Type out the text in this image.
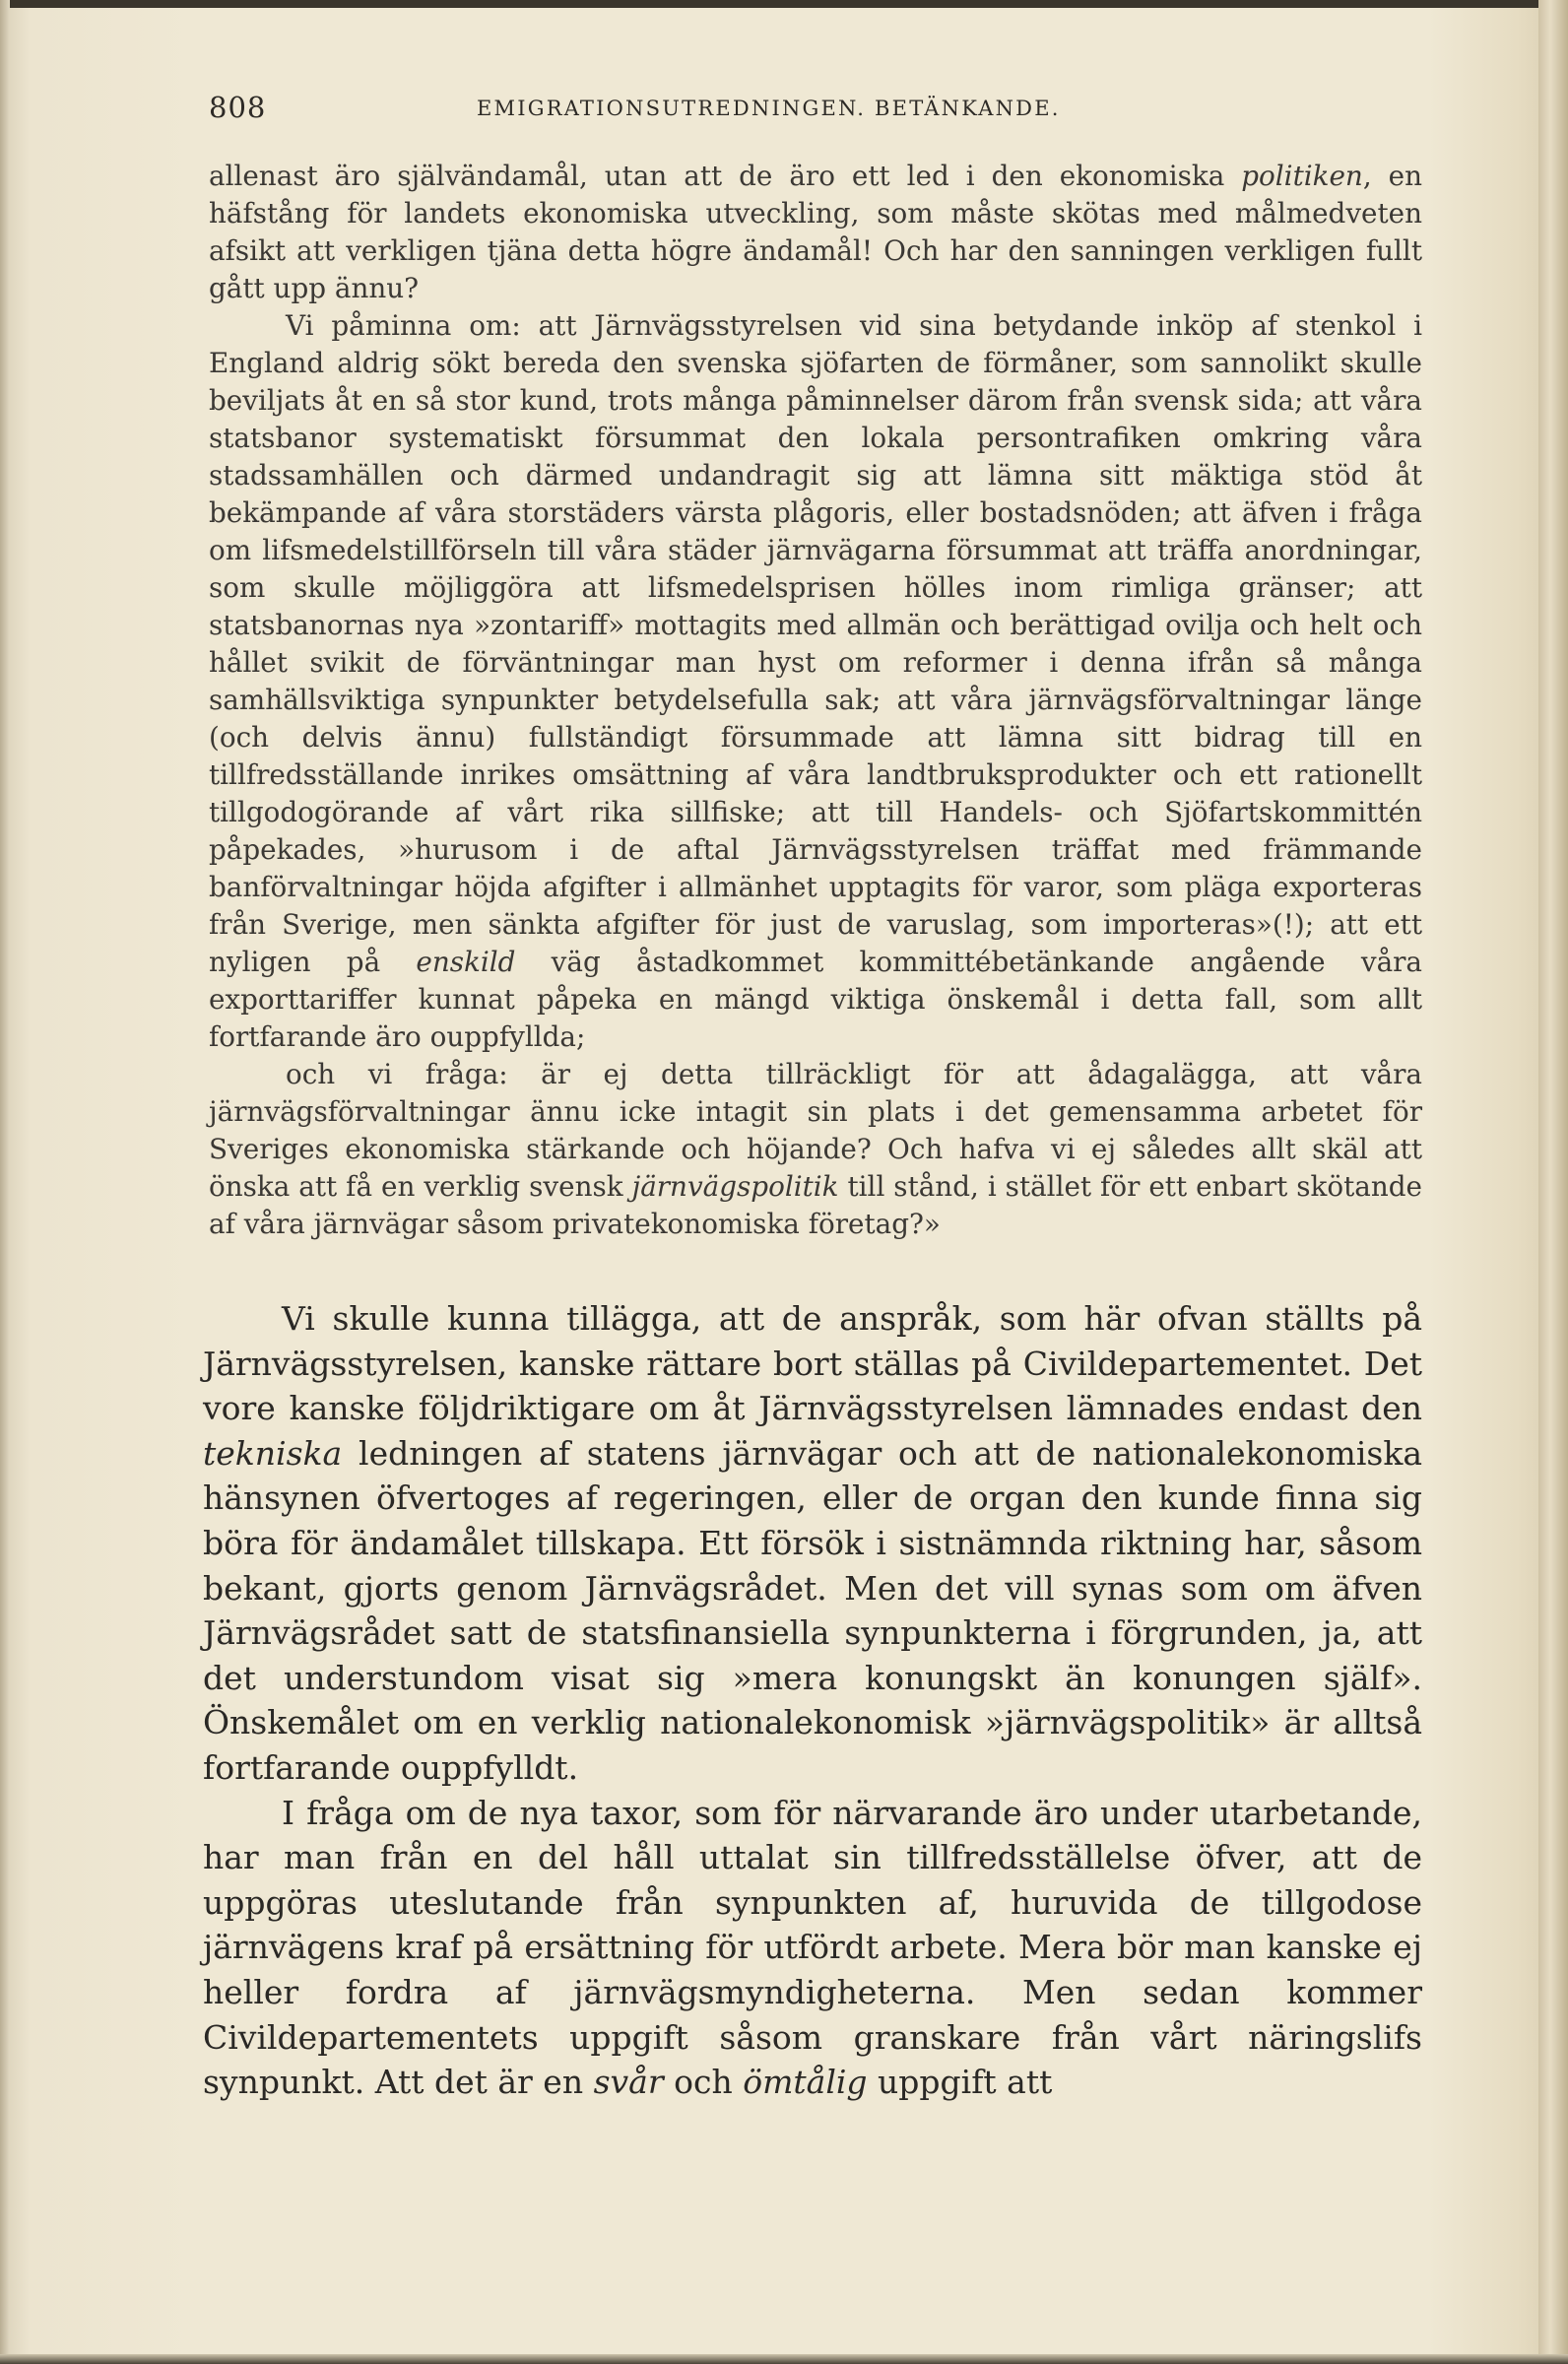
808	EMIGRATIONSUTREDNINGEN. BETÄNKANDE.

allenast äro självändamål, utan att de äro ett led i den ekonomiska politiken, en häfstång för landets ekonomiska utveckling, som måste skötas med målmedveten afsikt att verkligen tjäna detta högre ändamål! Och har den sanningen verkligen fullt gått upp ännu?

Vi påminna om: att Järnvägsstyrelsen vid sina betydande inköp af stenkol i England aldrig sökt bereda den svenska sjöfarten de förmåner, som sannolikt skulle beviljats åt en så stor kund, trots många påminnelser därom från svensk sida; att våra statsbanor systematiskt försummat den lokala persontrafiken omkring våra stadssamhällen och därmed undandragit sig att lämna sitt mäktiga stöd åt bekämpande af våra storstäders värsta plågoris, eller bostadsnöden; att äfven i fråga om lifsmedelstillförseln till våra städer järnvägarna försummat att träffa anordningar, som skulle möjliggöra att lifsmedelsprisen hölles inom rimliga gränser; att statsbanornas nya »zontariff» mottagits med allmän och berättigad ovilja och helt och hållet svikit de förväntningar man hyst om reformer i denna ifrån så många samhällsviktiga synpunkter betydelsefulla sak; att våra järnvägsförvaltningar länge (och delvis ännu) fullständigt försummade att lämna sitt bidrag till en tillfredsställande inrikes omsättning af våra landtbruksprodukter och ett rationellt tillgodogörande af vårt rika sillfiske; att till Handels- och Sjöfartskommittén påpekades, »hurusom i de aftal Järnvägsstyrelsen träffat med främmande banförvaltningar höjda afgifter i allmänhet upptagits för varor, som pläga exporteras från Sverige, men sänkta afgifter för just de varuslag, som importeras»(!); att ett nyligen på enskild väg åstadkommet kommittébetänkande angående våra exporttariffer kunnat påpeka en mängd viktiga önskemål i detta fall, som allt fortfarande äro ouppfyllda;

och vi fråga: är ej detta tillräckligt för att ådagalägga, att våra järnvägsförvaltningar ännu icke intagit sin plats i det gemensamma arbetet för Sveriges ekonomiska stärkande och höjande? Och hafva vi ej således allt skäl att önska att få en verklig svensk järnvägspolitik till stånd, i stället för ett enbart skötande af våra järnvägar såsom privatekonomiska företag?»

Vi skulle kunna tillägga, att de anspråk, som här ofvan ställts på Järnvägsstyrelsen, kanske rättare bort ställas på Civildepartementet. Det vore kanske följdriktigare om åt Järnvägsstyrelsen lämnades endast den tekniska ledningen af statens järnvägar och att de nationalekonomiska hänsynen öfvertoges af regeringen, eller de organ den kunde finna sig böra för ändamålet tillskapa. Ett försök i sistnämnda riktning har, såsom bekant, gjorts genom Järnvägsrådet. Men det vill synas som om äfven Järnvägsrådet satt de statsfinansiella synpunkterna i förgrunden, ja, att det understundom visat sig »mera konungskt än konungen själf». Önskemålet om en verklig nationalekonomisk »järnvägspolitik» är alltså fortfarande ouppfylldt.

I fråga om de nya taxor, som för närvarande äro under utarbetande, har man från en del håll uttalat sin tillfredsställelse öfver, att de uppgöras uteslutande från synpunkten af, huruvida de tillgodose järnvägens kraf på ersättning för utfördt arbete. Mera bör man kanske ej heller fordra af järnvägsmyndigheterna. Men sedan kommer Civildepartementets uppgift såsom granskare från vårt näringslifs synpunkt. Att det är en svår och ömtålig uppgift att
